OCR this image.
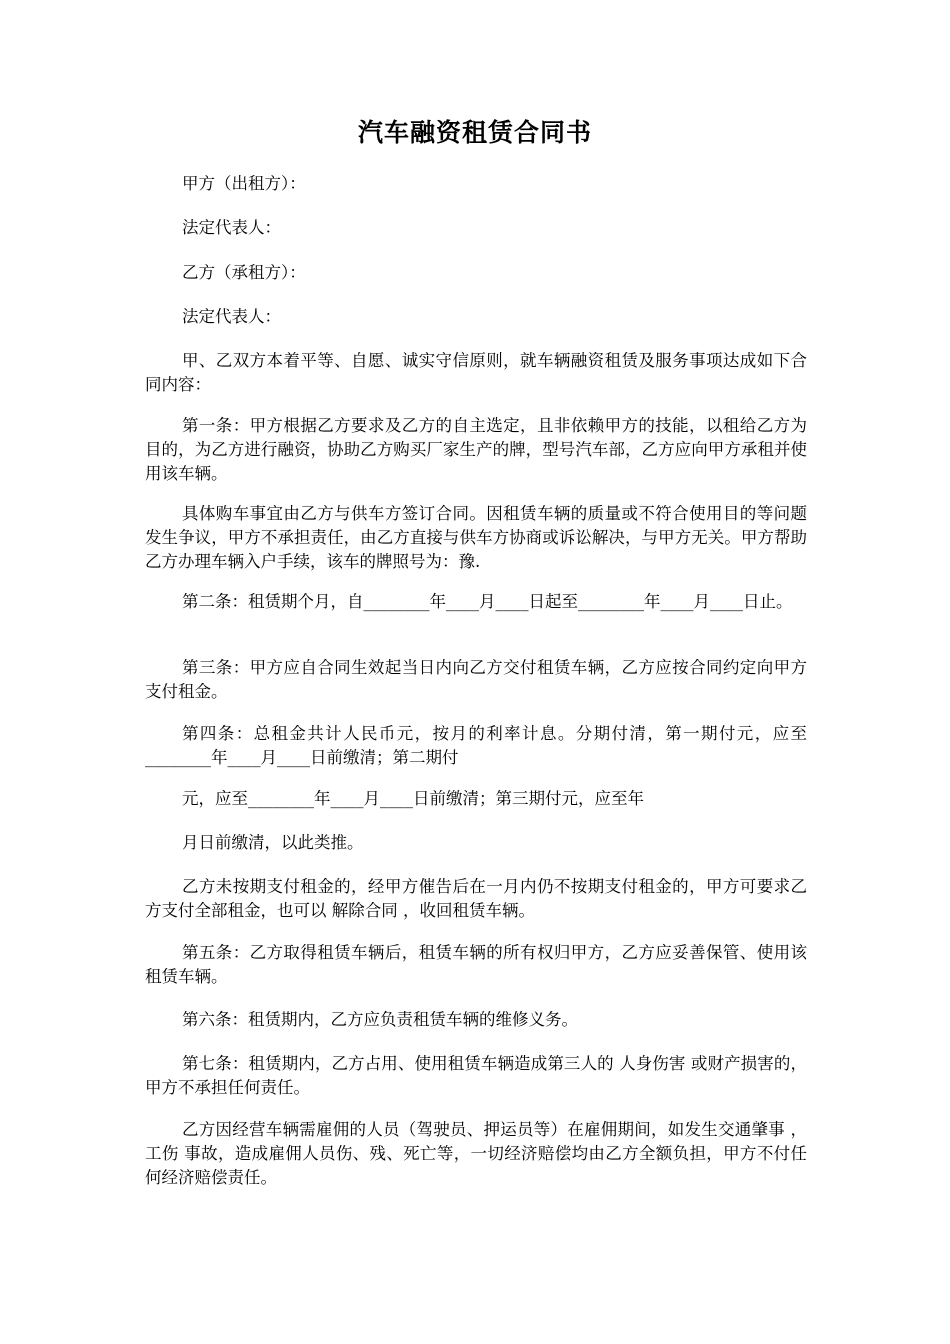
汽车融资租赁合同书
甲方（出租方）：
法定代表人：
乙方（承租方）：
法定代表人：
甲、乙双方本着平等、自愿、诚实守信原则，就车辆融资租赁及服务事项达成如下合同内容：
第一条：甲方根据乙方要求及乙方的自主选定，且非依赖甲方的技能，以租给乙方为目的，为乙方进行融资，协助乙方购买厂家生产的牌，型号汽车部，乙方应向甲方承租并使用该车辆。
具体购车事宜由乙方与供车方签订合同。因租赁车辆的质量或不符合使用目的等问题发生争议，甲方不承担责任，由乙方直接与供车方协商或诉讼解决，与甲方无关。甲方帮助乙方办理车辆入户手续，该车的牌照号为：豫.
第二条：租赁期个月，自________年____月____日起至________年____月____日止。
第三条：甲方应自合同生效起当日内向乙方交付租赁车辆，乙方应按合同约定向甲方支付租金。
第四条：总租金共计人民币元，按月的利率计息。分期付清，第一期付元，应至________年____月____日前缴清；第二期付
元，应至________年____月____日前缴清；第三期付元，应至年
月日前缴清，以此类推。
乙方未按期支付租金的，经甲方催告后在一月内仍不按期支付租金的，甲方可要求乙方支付全部租金，也可以 解除合同 ，收回租赁车辆。
第五条：乙方取得租赁车辆后，租赁车辆的所有权归甲方，乙方应妥善保管、使用该租赁车辆。
第六条：租赁期内，乙方应负责租赁车辆的维修义务。
第七条：租赁期内，乙方占用、使用租赁车辆造成第三人的 人身伤害 或财产损害的，甲方不承担任何责任。
乙方因经营车辆需雇佣的人员（驾驶员、押运员等）在雇佣期间，如发生交通肇事 ， 工伤 事故，造成雇佣人员伤、残、死亡等，一切经济赔偿均由乙方全额负担，甲方不付任何经济赔偿责任。
